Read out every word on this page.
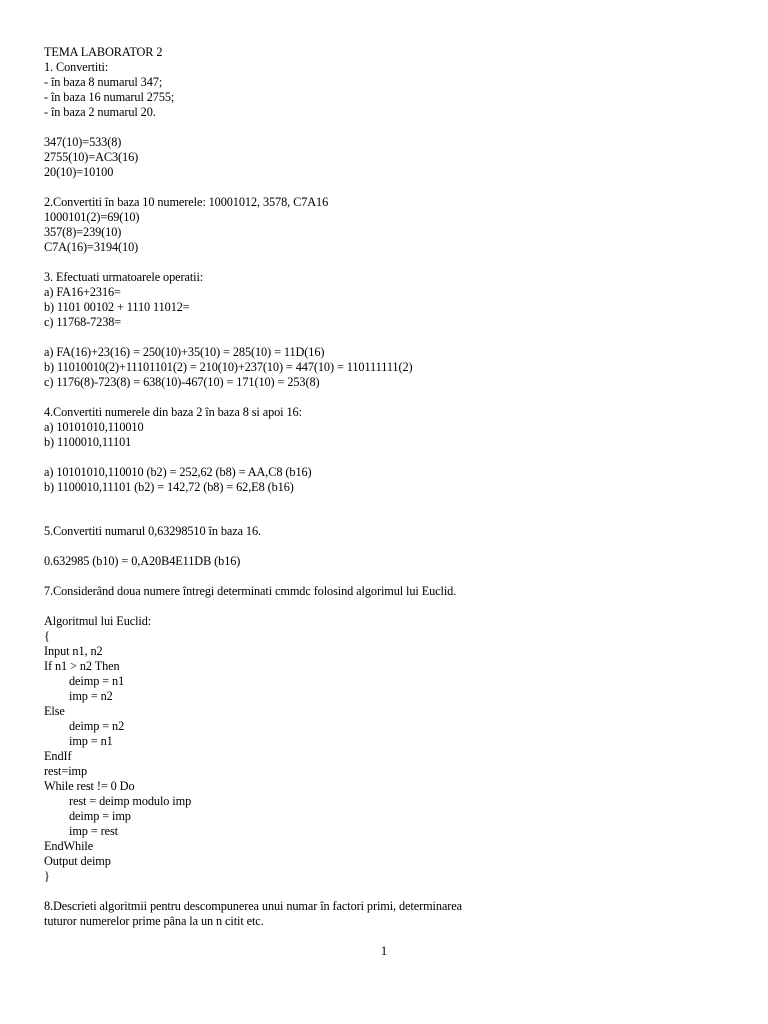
TEMA LABORATOR 2
1. Convertiti:
- în baza 8 numarul 347;
- în baza 16 numarul 2755;
- în baza 2 numarul 20.
347(10)=533(8)
2755(10)=AC3(16)
20(10)=10100
2.Convertiti în baza 10 numerele: 10001012, 3578, C7A16
1000101(2)=69(10)
357(8)=239(10)
C7A(16)=3194(10)
3. Efectuati urmatoarele operatii:
a) FA16+2316=
b) 1101 00102 + 1110 11012=
c) 11768-7238=
a) FA(16)+23(16) = 250(10)+35(10) = 285(10) = 11D(16)
b) 11010010(2)+11101101(2) = 210(10)+237(10) = 447(10) = 110111111(2)
c) 1176(8)-723(8) = 638(10)-467(10) = 171(10) = 253(8)
4.Convertiti numerele din baza 2 în baza 8 si apoi 16:
a) 10101010,110010
b) 1100010,11101
a) 10101010,110010 (b2) = 252,62 (b8) = AA,C8 (b16)
b) 1100010,11101 (b2) = 142,72 (b8) = 62,E8 (b16)
5.Convertiti numarul 0,63298510 în baza 16.
0.632985 (b10) = 0,A20B4E11DB (b16)
7.Considerând doua numere întregi determinati cmmdc folosind algorimul lui Euclid.
Algoritmul lui Euclid:
{
Input n1, n2
If n1 > n2 Then
deimp = n1
imp = n2
Else
deimp = n2
imp = n1
EndIf
rest=imp
While rest != 0 Do
rest = deimp modulo imp
deimp = imp
imp = rest
EndWhile
Output deimp
}
8.Descrieti algoritmii pentru descompunerea unui numar în factori primi, determinarea
tuturor numerelor prime pâna la un n citit etc.
1
